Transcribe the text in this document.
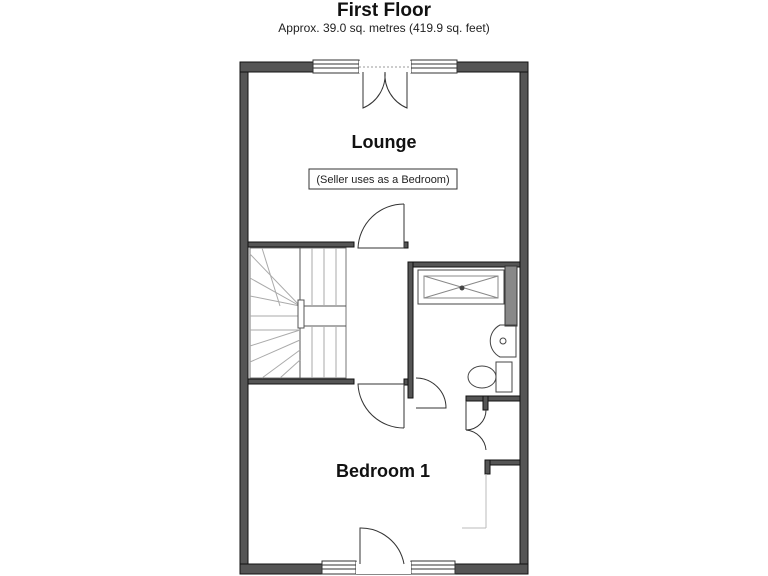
First Floor
Approx. 39.0 sq. metres (419.9 sq. feet)
Lounge
(Seller uses as a Bedroom)
Bedroom 1
